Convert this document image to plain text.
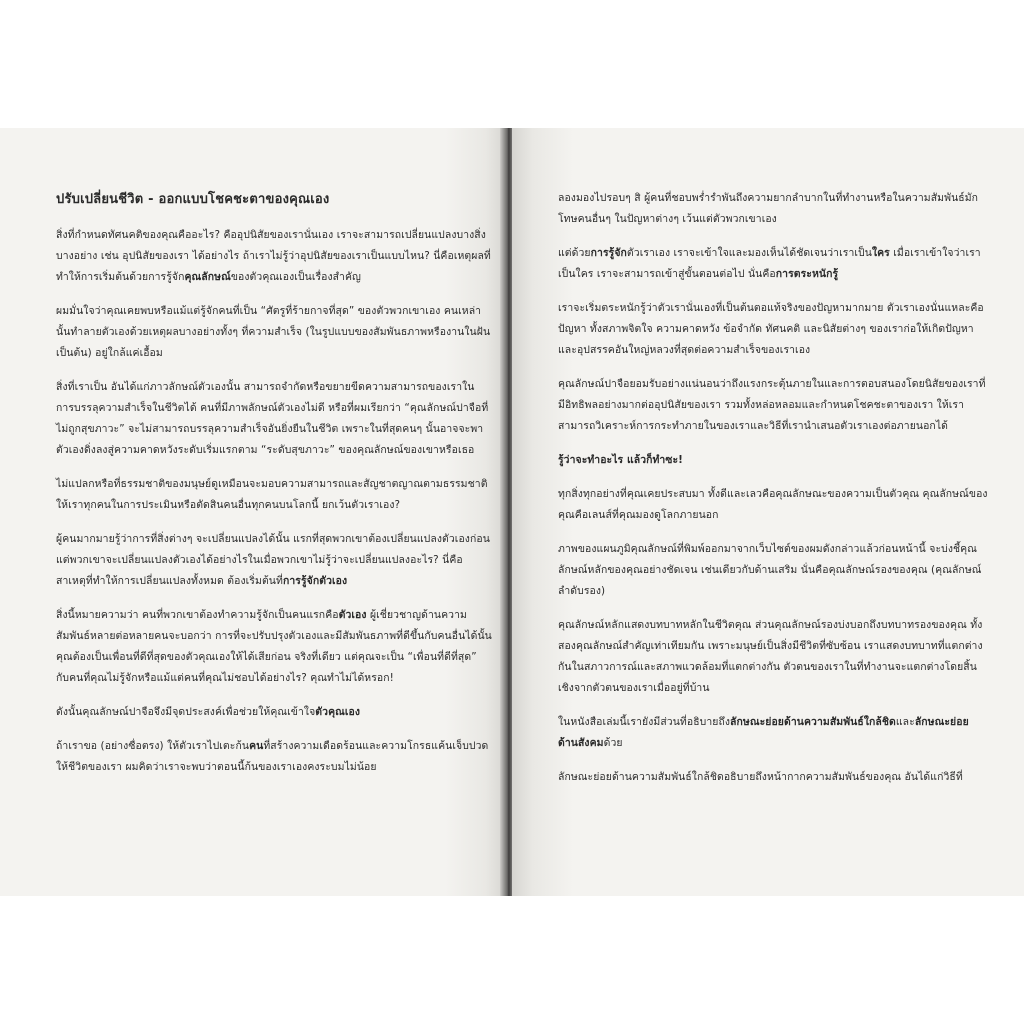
ปรับเปลี่ยนชีวิต - ออกแบบโชคชะตาของคุณเอง

สิ่งที่กำหนดทัศนคติของคุณคืออะไร? คืออุปนิสัยของเรานั่นเอง เราจะสามารถเปลี่ยนแปลงบางสิ่งบางอย่าง เช่น อุปนิสัยของเรา ได้อย่างไร ถ้าเราไม่รู้ว่าอุปนิสัยของเราเป็นแบบไหน? นี่คือเหตุผลที่ทำให้การเริ่มต้นด้วยการรู้จักคุณลักษณ์ของตัวคุณเองเป็นเรื่องสำคัญ

ผมมั่นใจว่าคุณเคยพบหรือแม้แต่รู้จักคนที่เป็น “ศัตรูที่ร้ายกาจที่สุด” ของตัวพวกเขาเอง คนเหล่านั้นทำลายตัวเองด้วยเหตุผลบางอย่างทั้งๆ ที่ความสำเร็จ (ในรูปแบบของสัมพันธภาพหรืองานในฝัน เป็นต้น) อยู่ใกล้แค่เอื้อม

สิ่งที่เราเป็น อันได้แก่ภาวลักษณ์ตัวเองนั้น สามารถจำกัดหรือขยายขีดความสามารถของเราในการบรรลุความสำเร็จในชีวิตได้ คนที่มีภาพลักษณ์ตัวเองไม่ดี หรือที่ผมเรียกว่า “คุณลักษณ์ปาจือที่ไม่ถูกสุขภาวะ” จะไม่สามารถบรรลุความสำเร็จอันยิ่งยืนในชีวิต เพราะในที่สุดคนๆ นั้นอาจจะพาตัวเองดิ่งลงสู่ความคาดหวังระดับเริ่มแรกตาม “ระดับสุขภาวะ” ของคุณลักษณ์ของเขาหรือเธอ

ไม่แปลกหรือที่ธรรมชาติของมนุษย์ดูเหมือนจะมอบความสามารถและสัญชาตญาณตามธรรมชาติให้เราทุกคนในการประเมินหรือตัดสินคนอื่นทุกคนบนโลกนี้ ยกเว้นตัวเราเอง?

ผู้คนมากมายรู้ว่าการที่สิ่งต่างๆ จะเปลี่ยนแปลงได้นั้น แรกที่สุดพวกเขาต้องเปลี่ยนแปลงตัวเองก่อน แต่พวกเขาจะเปลี่ยนแปลงตัวเองได้อย่างไรในเมื่อพวกเขาไม่รู้ว่าจะเปลี่ยนแปลงอะไร? นี่คือสาเหตุที่ทำให้การเปลี่ยนแปลงทั้งหมด ต้องเริ่มต้นที่การรู้จักตัวเอง

สิ่งนี้หมายความว่า คนที่พวกเขาต้องทำความรู้จักเป็นคนแรกคือตัวเอง ผู้เชี่ยวชาญด้านความสัมพันธ์หลายต่อหลายคนจะบอกว่า การที่จะปรับปรุงตัวเองและมีสัมพันธภาพที่ดีขึ้นกับคนอื่นได้นั้น คุณต้องเป็นเพื่อนที่ดีที่สุดของตัวคุณเองให้ได้เสียก่อน จริงที่เดียว แต่คุณจะเป็น “เพื่อนที่ดีที่สุด” กับคนที่คุณไม่รู้จักหรือแม้แต่คนที่คุณไม่ชอบได้อย่างไร? คุณทำไม่ได้หรอก!

ดังนั้นคุณลักษณ์ปาจือจึงมีจุดประสงค์เพื่อช่วยให้คุณเข้าใจตัวคุณเอง

ถ้าเราขอ (อย่างซื่อตรง) ให้ตัวเราไปเตะก้นคนที่สร้างความเดือดร้อนและความโกรธแค้นเจ็บปวดให้ชีวิตของเรา ผมคิดว่าเราจะพบว่าตอนนี้ก้นของเราเองคงระบมไม่น้อย

ลองมองไปรอบๆ สิ ผู้คนที่ชอบพร่ำรำพันถึงความยากลำบากในที่ทำงานหรือในความสัมพันธ์มักโทษคนอื่นๆ ในปัญหาต่างๆ เว้นแต่ตัวพวกเขาเอง

แต่ด้วยการรู้จักตัวเราเอง เราจะเข้าใจและมองเห็นได้ชัดเจนว่าเราเป็นใคร เมื่อเราเข้าใจว่าเราเป็นใคร เราจะสามารถเข้าสู่ขั้นตอนต่อไป นั่นคือการตระหนักรู้

เราจะเริ่มตระหนักรู้ว่าตัวเรานั่นเองที่เป็นต้นตอแท้จริงของปัญหามากมาย ตัวเราเองนั่นแหละคือปัญหา ทั้งสภาพจิตใจ ความคาดหวัง ข้อจำกัด ทัศนคติ และนิสัยต่างๆ ของเราก่อให้เกิดปัญหาและอุปสรรคอันใหญ่หลวงที่สุดต่อความสำเร็จของเราเอง

คุณลักษณ์ปาจือยอมรับอย่างแน่นอนว่าถึงแรงกระตุ้นภายในและการตอบสนองโดยนิสัยของเราที่มีอิทธิพลอย่างมากต่ออุปนิสัยของเรา รวมทั้งหล่อหลอมและกำหนดโชคชะตาของเรา ให้เราสามารถวิเคราะห์การกระทำภายในของเราและวิธีที่เรานำเสนอตัวเราเองต่อภายนอกได้

รู้ว่าจะทำอะไร แล้วก็ทำซะ!

ทุกสิ่งทุกอย่างที่คุณเคยประสบมา ทั้งดีและเลวคือคุณลักษณะของความเป็นตัวคุณ คุณลักษณ์ของคุณคือเลนส์ที่คุณมองดูโลกภายนอก

ภาพของแผนภูมิคุณลักษณ์ที่พิมพ์ออกมาจากเว็บไซต์ของผมดังกล่าวแล้วก่อนหน้านี้ จะบ่งชี้คุณลักษณ์หลักของคุณอย่างชัดเจน เช่นเดียวกับด้านเสริม นั่นคือคุณลักษณ์รองของคุณ (คุณลักษณ์ลำดับรอง)

คุณลักษณ์หลักแสดงบทบาทหลักในชีวิตคุณ ส่วนคุณลักษณ์รองบ่งบอกถึงบทบาทรองของคุณ ทั้งสองคุณลักษณ์สำคัญเท่าเทียมกัน เพราะมนุษย์เป็นสิ่งมีชีวิตที่ซับซ้อน เราแสดงบทบาทที่แตกต่างกันในสภาวการณ์และสภาพแวดล้อมที่แตกต่างกัน ตัวตนของเราในที่ทำงานจะแตกต่างโดยสิ้นเชิงจากตัวตนของเราเมื่ออยู่ที่บ้าน

ในหนังสือเล่มนี้เรายังมีส่วนที่อธิบายถึงลักษณะย่อยด้านความสัมพันธ์ใกล้ชิดและลักษณะย่อยด้านสังคมด้วย

ลักษณะย่อยด้านความสัมพันธ์ใกล้ชิดอธิบายถึงหน้ากากความสัมพันธ์ของคุณ อันได้แก่วิธีที่
